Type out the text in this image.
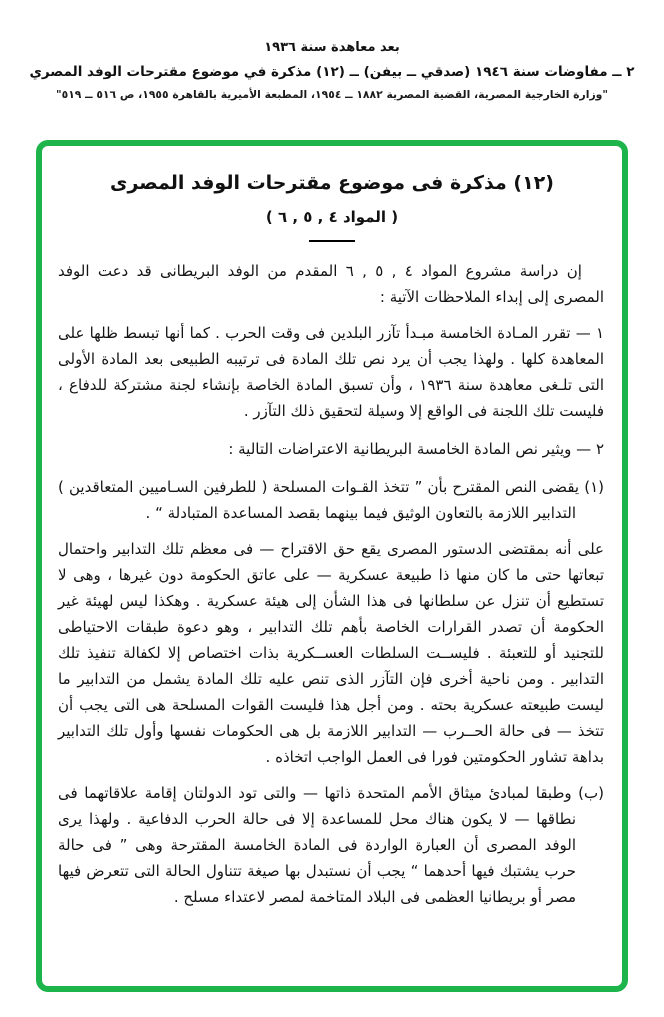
بعد معاهدة سنة ١٩٣٦
٢ ــ مفاوضات سنة ١٩٤٦ (صدقي ــ بيفن) ــ (١٢) مذكرة في موضوع مقترحات الوفد المصري
"وزارة الخارجية المصرية، القضية المصرية ١٨٨٢ ــ ١٩٥٤، المطبعة الأميرية بالقاهرة ١٩٥٥، ص ٥١٦ ــ ٥١٩"
(١٢) مذكرة فى موضوع مقترحات الوفد المصرى
( المواد ٤ , ٥ , ٦ )

إن دراسة مشروع المواد ٤ , ٥ , ٦ المقدم من الوفد البريطانى قد دعت الوفد المصرى إلى إبداء الملاحظات الآتية :

١ — تقرر المـادة الخامسة مبـدأ تآزر البلدين فى وقت الحرب . كما أنها تبسط ظلها على المعاهدة كلها . ولهذا يجب أن يرد نص تلك المادة فى ترتيبه الطبيعى بعد المادة الأولى التى تلـغى معاهدة سنة ١٩٣٦ ، وأن تسبق المادة الخاصة بإنشاء لجنة مشتركة للدفاع ، فليست تلك اللجنة فى الواقع إلا وسيلة لتحقيق ذلك التآزر .

٢ — ويثير نص المادة الخامسة البريطانية الاعتراضات التالية :

(١) يقضى النص المقترح بأن ” تتخذ القـوات المسلحة ( للطرفين السـاميين المتعاقدين ) التدابير اللازمة بالتعاون الوثيق فيما بينهما بقصد المساعدة المتبادلة “ .

على أنه بمقتضى الدستور المصرى يقع حق الاقتراح — فى معظم تلك التدابير واحتمال تبعاتها حتى ما كان منها ذا طبيعة عسكرية — على عاتق الحكومة دون غيرها ، وهى لا تستطيع أن تنزل عن سلطانها فى هذا الشأن إلى هيئة عسكرية . وهكذا ليس لهيئة غير الحكومة أن تصدر القرارات الخاصة بأهم تلك التدابير ، وهو دعوة طبقات الاحتياطى للتجنيد أو للتعبئة . فليســت السلطات العســكرية بذات اختصاص إلا لكفالة تنفيذ تلك التدابير . ومن ناحية أخرى فإن التآزر الذى تنص عليه تلك المادة يشمل من التدابير ما ليست طبيعته عسكرية بحته . ومن أجل هذا فليست القوات المسلحة هى التى يجب أن تتخذ — فى حالة الحــرب — التدابير اللازمة بل هى الحكومات نفسها وأول تلك التدابير بداهة تشاور الحكومتين فورا فى العمل الواجب اتخاذه .

(ب) وطبقا لمبادئ ميثاق الأمم المتحدة ذاتها — والتى تود الدولتان إقامة علاقاتهما فى نطاقها — لا يكون هناك محل للمساعدة إلا فى حالة الحرب الدفاعية . ولهذا يرى الوفد المصرى أن العبارة الواردة فى المادة الخامسة المقترحة وهى ” فى حالة حرب يشتبك فيها أحدهما “ يجب أن نستبدل بها صيغة تتناول الحالة التى تتعرض فيها مصر أو بريطانيا العظمى فى البلاد المتاخمة لمصر لاعتداء مسلح .
